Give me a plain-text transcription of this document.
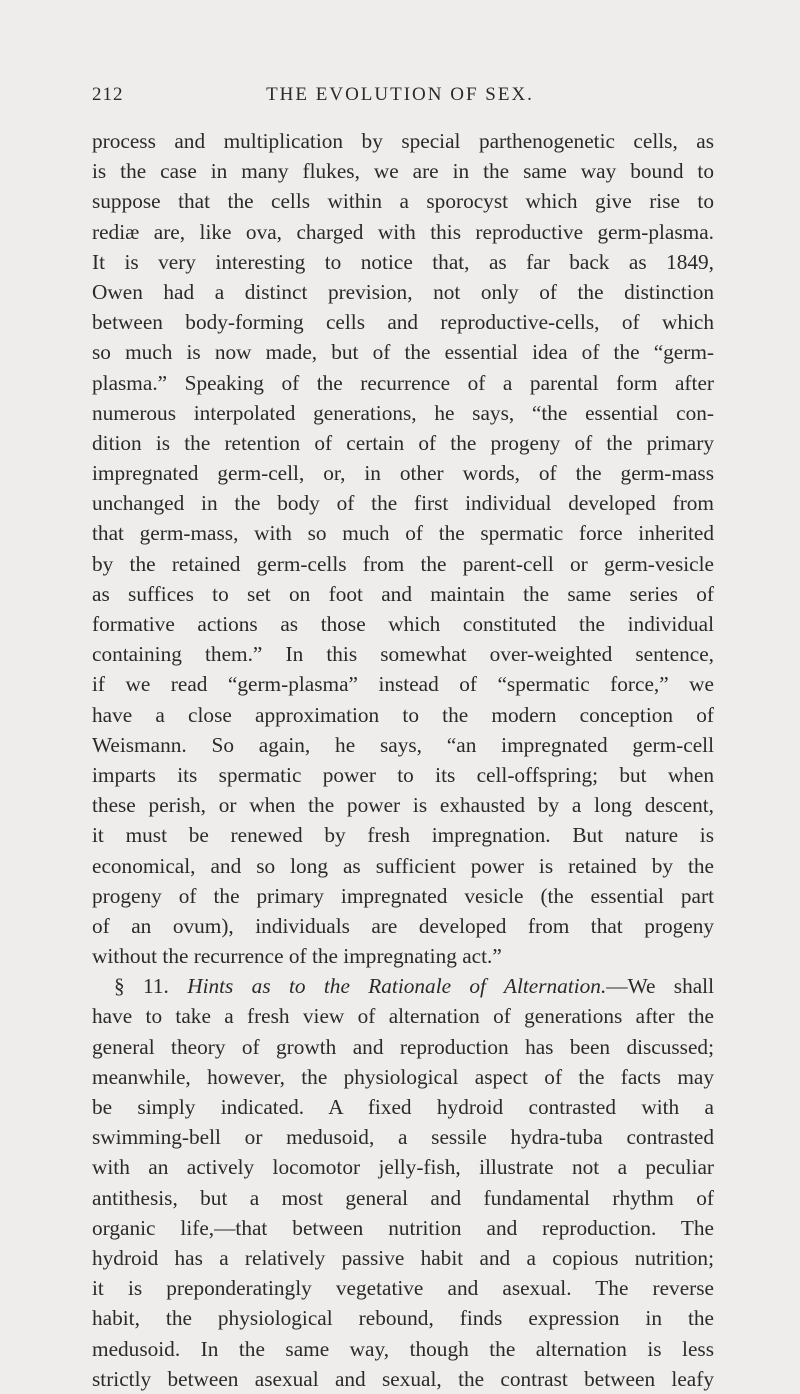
212	THE EVOLUTION OF SEX.
process and multiplication by special parthenogenetic cells, as
is the case in many flukes, we are in the same way bound to
suppose that the cells within a sporocyst which give rise to
rediæ are, like ova, charged with this reproductive germ-plasma.
It is very interesting to notice that, as far back as 1849,
Owen had a distinct prevision, not only of the distinction
between body-forming cells and reproductive-cells, of which
so much is now made, but of the essential idea of the “germ-
plasma.” Speaking of the recurrence of a parental form after
numerous interpolated generations, he says, “the essential con-
dition is the retention of certain of the progeny of the primary
impregnated germ-cell, or, in other words, of the germ-mass
unchanged in the body of the first individual developed from
that germ-mass, with so much of the spermatic force inherited
by the retained germ-cells from the parent-cell or germ-vesicle
as suffices to set on foot and maintain the same series of
formative actions as those which constituted the individual
containing them.” In this somewhat over-weighted sentence,
if we read “germ-plasma” instead of “spermatic force,” we
have a close approximation to the modern conception of
Weismann. So again, he says, “an impregnated germ-cell
imparts its spermatic power to its cell-offspring; but when
these perish, or when the power is exhausted by a long descent,
it must be renewed by fresh impregnation. But nature is
economical, and so long as sufficient power is retained by the
progeny of the primary impregnated vesicle (the essential part
of an ovum), individuals are developed from that progeny
without the recurrence of the impregnating act.”
§ 11. Hints as to the Rationale of Alternation.—We shall
have to take a fresh view of alternation of generations after the
general theory of growth and reproduction has been discussed;
meanwhile, however, the physiological aspect of the facts may
be simply indicated. A fixed hydroid contrasted with a
swimming-bell or medusoid, a sessile hydra-tuba contrasted
with an actively locomotor jelly-fish, illustrate not a peculiar
antithesis, but a most general and fundamental rhythm of
organic life,—that between nutrition and reproduction. The
hydroid has a relatively passive habit and a copious nutrition;
it is preponderatingly vegetative and asexual. The reverse
habit, the physiological rebound, finds expression in the
medusoid. In the same way, though the alternation is less
strictly between asexual and sexual, the contrast between leafy
